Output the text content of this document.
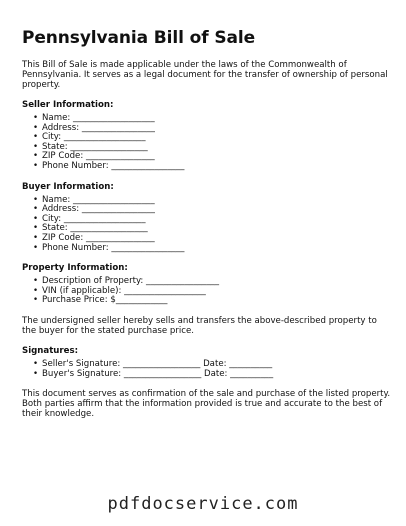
Pennsylvania Bill of Sale

This Bill of Sale is made applicable under the laws of the Commonwealth of Pennsylvania. It serves as a legal document for the transfer of ownership of personal property.

Seller Information:
• Name: ___________________
• Address: _________________
• City: ___________________
• State: __________________
• ZIP Code: ________________
• Phone Number: _________________
Buyer Information:
• Name: ___________________
• Address: _________________
• City: ___________________
• State: __________________
• ZIP Code: ________________
• Phone Number: _________________
Property Information:
• Description of Property: _________________
• VIN (if applicable): ___________________
• Purchase Price: $____________

The undersigned seller hereby sells and transfers the above-described property to the buyer for the stated purchase price.

Signatures:
• Seller's Signature: __________________ Date: __________
• Buyer's Signature: __________________ Date: __________

This document serves as confirmation of the sale and purchase of the listed property. Both parties affirm that the information provided is true and accurate to the best of their knowledge.

pdfdocservice.com
